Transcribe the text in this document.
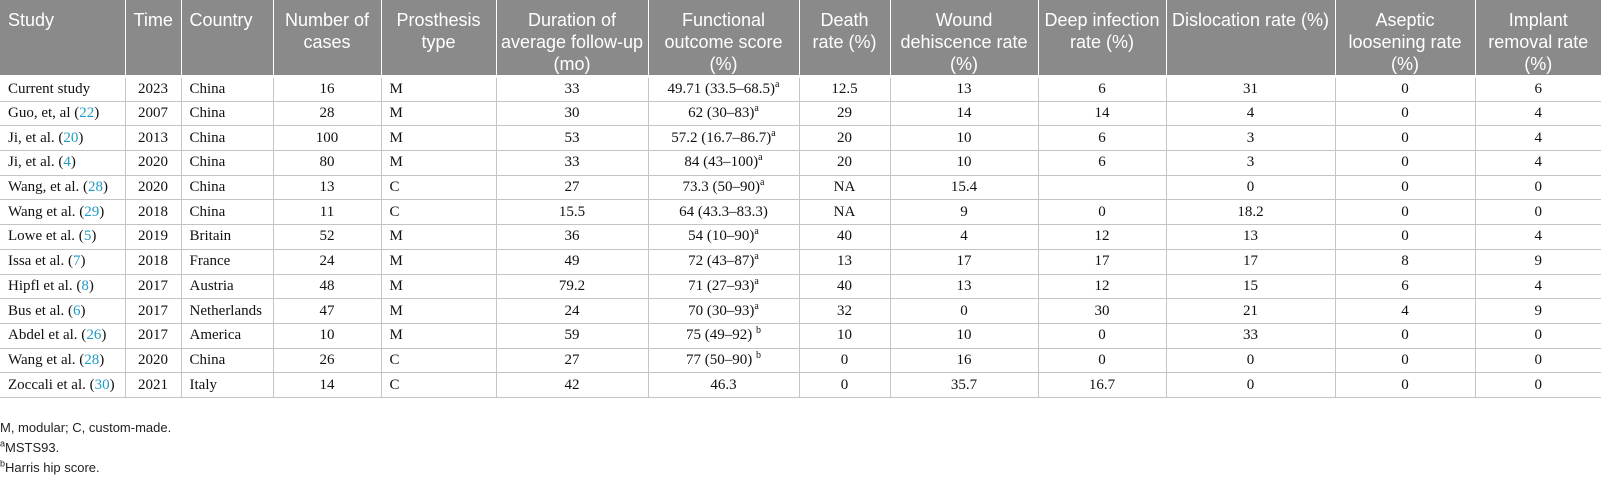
Study	Time	Country	Number of cases	Prosthesis type	Duration of average follow-up (mo)	Functional outcome score (%)	Death rate (%)	Wound dehiscence rate (%)	Deep infection rate (%)	Dislocation rate (%)	Aseptic loosening rate (%)	Implant removal rate (%)
Current study	2023	China	16	M	33	49.71 $(33.5-68.5)^a$	12.5	13	6	31	0	6
Guo, et, al (22)	2007	China	28	M	30	62 $(30-83)^a$	29	14	14	4	0	4
Ji, et al. (20)	2013	China	100	M	53	57.2 $(16.7-86.7)^a$	20	10	6	3	0	4
Ji, et al. (4)	2020	China	80	M	33	84 $(43-100)^a$	20	10	6	3	0	4
Wang, et al. (28)	2020	China	13	C	27	73.3 $(50-90)^a$	NA	15.4		0	0	0
Wang et al. (29)	2018	China	11	C	15.5	64 (43.3–83.3)	NA	9	0	18.2	0	0
Lowe et al. (5)	2019	Britain	52	M	36	54 $(10-90)^a$	40	4	12	13	0	4
Issa et al. (7)	2018	France	24	M	49	72 $(43-87)^a$	13	17	17	17	8	9
Hipfl et al. (8)	2017	Austria	48	M	79.2	71 $(27-93)^a$	40	13	12	15	6	4
Bus et al. (6)	2017	Netherlands	47	M	24	70 $(30-93)^a$	32	0	30	21	4	9
Abdel et al. (26)	2017	America	10	M	59	75 (49–92) $^b$	10	10	0	33	0	0
Wang et al. (28)	2020	China	26	C	27	77 (50–90) $^b$	0	16	0	0	0	0
Zoccali et al. (30)	2021	Italy	14	C	42	46.3	0	35.7	16.7	0	0	0
M, modular; C, custom-made.
$^a$MSTS93.
$^b$Harris hip score.
